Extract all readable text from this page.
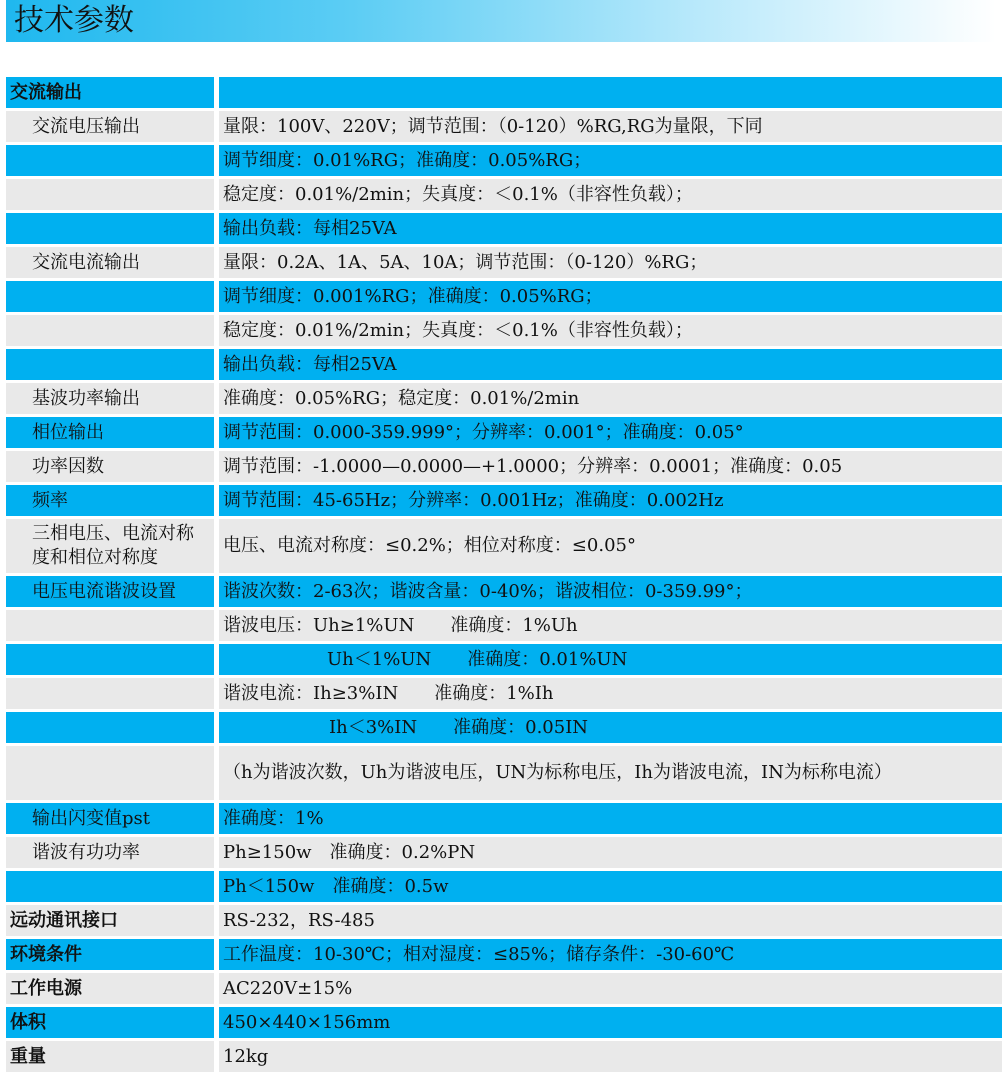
技术参数
交流输出	
交流电压输出	量限：100V、220V；调节范围：（0-120）%RG,RG为量限，下同
	调节细度：0.01%RG；准确度：0.05%RG；
	稳定度：0.01%/2min；失真度：＜0.1%（非容性负载）；
	输出负载：每相25VA
交流电流输出	量限：0.2A、1A、5A、10A；调节范围：（0-120）%RG；
	调节细度：0.001%RG；准确度：0.05%RG；
	稳定度：0.01%/2min；失真度：＜0.1%（非容性负载）；
	输出负载：每相25VA
基波功率输出	准确度：0.05%RG；稳定度：0.01%/2min
相位输出	调节范围：0.000-359.999°；分辨率：0.001°；准确度：0.05°
功率因数	调节范围：-1.0000—0.0000—+1.0000；分辨率：0.0001；准确度：0.05
频率	调节范围：45-65Hz；分辨率：0.001Hz；准确度：0.002Hz
三相电压、电流对称度和相位对称度	电压、电流对称度：≤0.2%；相位对称度：≤0.05°
电压电流谐波设置	谐波次数：2-63次；谐波含量：0-40%；谐波相位：0-359.99°；
	谐波电压：Uh≥1%UN　　准确度：1%Uh
	Uh＜1%UN　　准确度：0.01%UN
	谐波电流：Ih≥3%IN　　准确度：1%Ih
	Ih＜3%IN　　准确度：0.05IN
	（h为谐波次数，Uh为谐波电压，UN为标称电压，Ih为谐波电流，IN为标称电流）
输出闪变值pst	准确度：1%
谐波有功功率	Ph≥150w　准确度：0.2%PN
	Ph＜150w　准确度：0.5w
远动通讯接口	RS-232，RS-485
环境条件	工作温度：10-30℃；相对湿度：≤85%；储存条件：-30-60℃
工作电源	AC220V±15%
体积	450×440×156mm
重量	12kg
